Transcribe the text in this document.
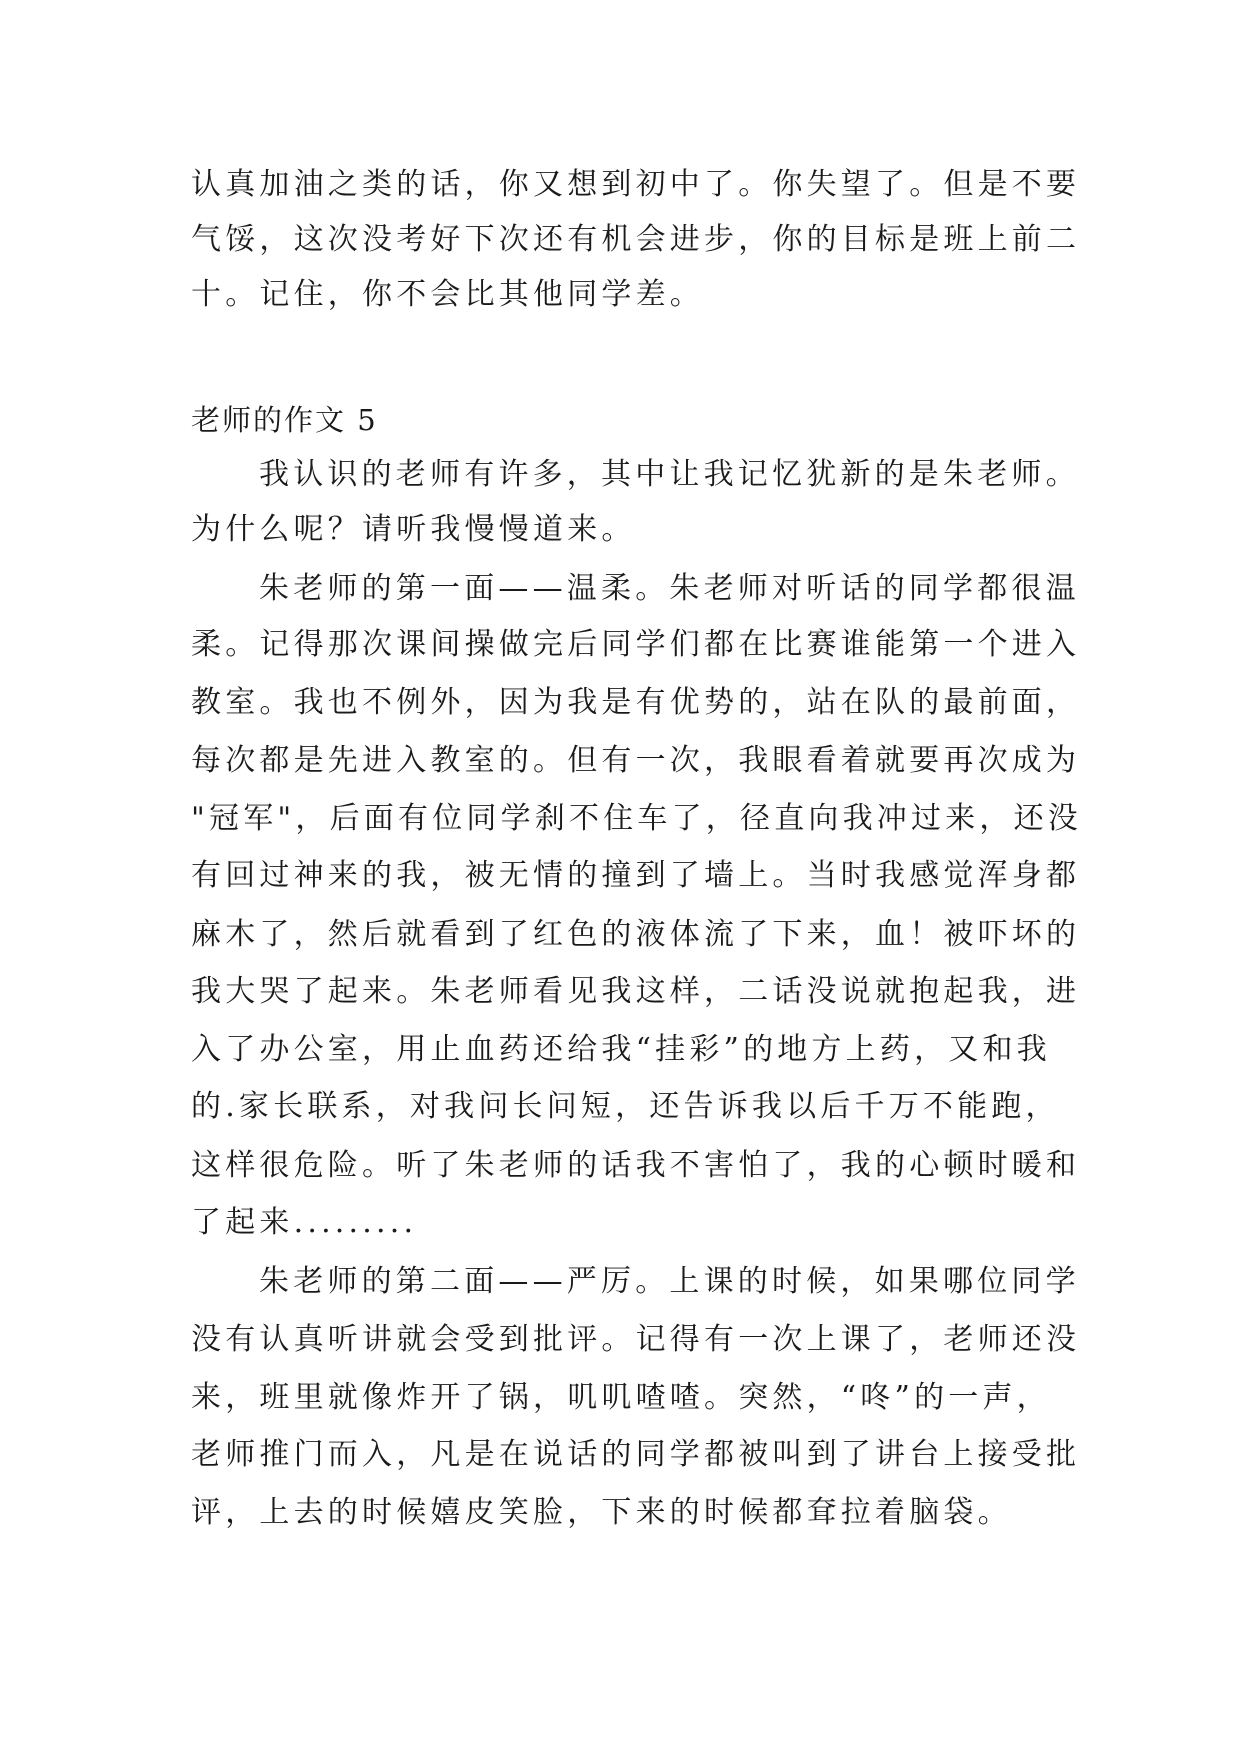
认真加油之类的话，你又想到初中了。你失望了。但是不要
气馁，这次没考好下次还有机会进步，你的目标是班上前二
十。记住，你不会比其他同学差。
老师的作文 5
我认识的老师有许多，其中让我记忆犹新的是朱老师。
为什么呢？请听我慢慢道来。
朱老师的第一面——温柔。朱老师对听话的同学都很温
柔。记得那次课间操做完后同学们都在比赛谁能第一个进入
教室。我也不例外，因为我是有优势的，站在队的最前面，
每次都是先进入教室的。但有一次，我眼看着就要再次成为
"冠军"，后面有位同学刹不住车了，径直向我冲过来，还没
有回过神来的我，被无情的撞到了墙上。当时我感觉浑身都
麻木了，然后就看到了红色的液体流了下来，血！被吓坏的
我大哭了起来。朱老师看见我这样，二话没说就抱起我，进
入了办公室，用止血药还给我“挂彩”的地方上药，又和我
的.家长联系，对我问长问短，还告诉我以后千万不能跑，
这样很危险。听了朱老师的话我不害怕了，我的心顿时暖和
了起来.........
朱老师的第二面——严厉。上课的时候，如果哪位同学
没有认真听讲就会受到批评。记得有一次上课了，老师还没
来，班里就像炸开了锅，叽叽喳喳。突然，“咚”的一声，
老师推门而入，凡是在说话的同学都被叫到了讲台上接受批
评，上去的时候嬉皮笑脸，下来的时候都耷拉着脑袋。
